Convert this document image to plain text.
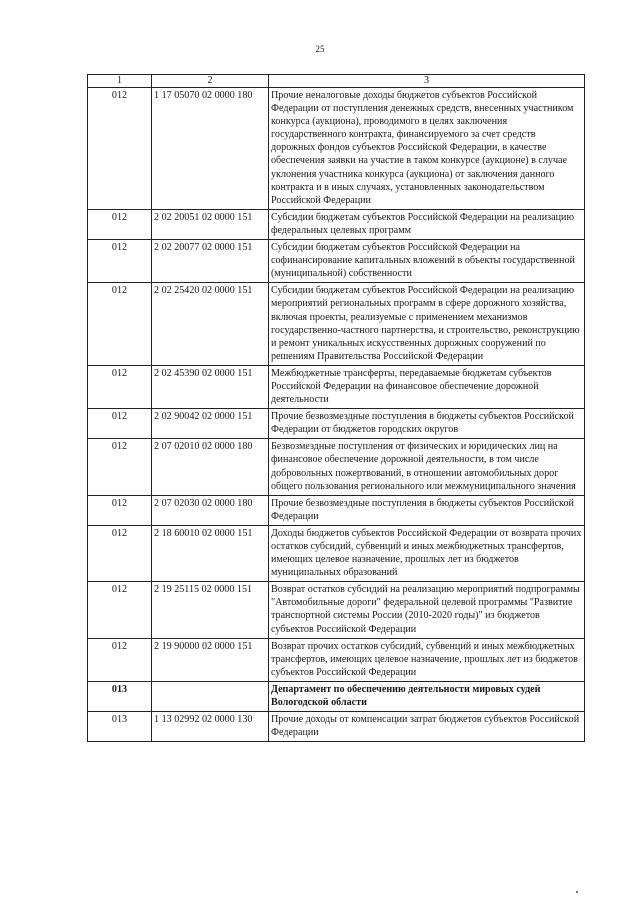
25
1	2	3
012	1 17 05070 02 0000 180	Прочие неналоговые доходы бюджетов субъектов Российской Федерации от поступления денежных средств, внесенных участником конкурса (аукциона), проводимого в целях заключения государственного контракта, финансируемого за счет средств дорожных фондов субъектов Российской Федерации, в качестве обеспечения заявки на участие в таком конкурсе (аукционе) в случае уклонения участника конкурса (аукциона) от заключения данного контракта и в иных случаях, установленных законодательством Российской Федерации
012	2 02 20051 02 0000 151	Субсидии бюджетам субъектов Российской Федерации на реализацию федеральных целевых программ
012	2 02 20077 02 0000 151	Субсидии бюджетам субъектов Российской Федерации на софинансирование капитальных вложений в объекты государственной (муниципальной) собственности
012	2 02 25420 02 0000 151	Субсидии бюджетам субъектов Российской Федерации на реализацию мероприятий региональных программ в сфере дорожного хозяйства, включая проекты, реализуемые с применением механизмов государственно-частного партнерства, и строительство, реконструкцию и ремонт уникальных искусственных дорожных сооружений по решениям Правительства Российской Федерации
012	2 02 45390 02 0000 151	Межбюджетные трансферты, передаваемые бюджетам субъектов Российской Федерации на финансовое обеспечение дорожной деятельности
012	2 02 90042 02 0000 151	Прочие безвозмездные поступления в бюджеты субъектов Российской Федерации от бюджетов городских округов
012	2 07 02010 02 0000 180	Безвозмездные поступления от физических и юридических лиц на финансовое обеспечение дорожной деятельности, в том числе добровольных пожертвований, в отношении автомобильных дорог общего пользования регионального или межмуниципального значения
012	2 07 02030 02 0000 180	Прочие безвозмездные поступления в бюджеты субъектов Российской Федерации
012	2 18 60010 02 0000 151	Доходы бюджетов субъектов Российской Федерации от возврата прочих остатков субсидий, субвенций и иных межбюджетных трансфертов, имеющих целевое назначение, прошлых лет из бюджетов муниципальных образований
012	2 19 25115 02 0000 151	Возврат остатков субсидий на реализацию мероприятий подпрограммы "Автомобильные дороги" федеральной целевой программы "Развитие транспортной системы России (2010-2020 годы)" из бюджетов субъектов Российской Федерации
012	2 19 90000 02 0000 151	Возврат прочих остатков субсидий, субвенций и иных межбюджетных трансфертов, имеющих целевое назначение, прошлых лет из бюджетов субъектов Российской Федерации
013		Департамент по обеспечению деятельности мировых судей Вологодской области
013	1 13 02992 02 0000 130	Прочие доходы от компенсации затрат бюджетов субъектов Российской Федерации
